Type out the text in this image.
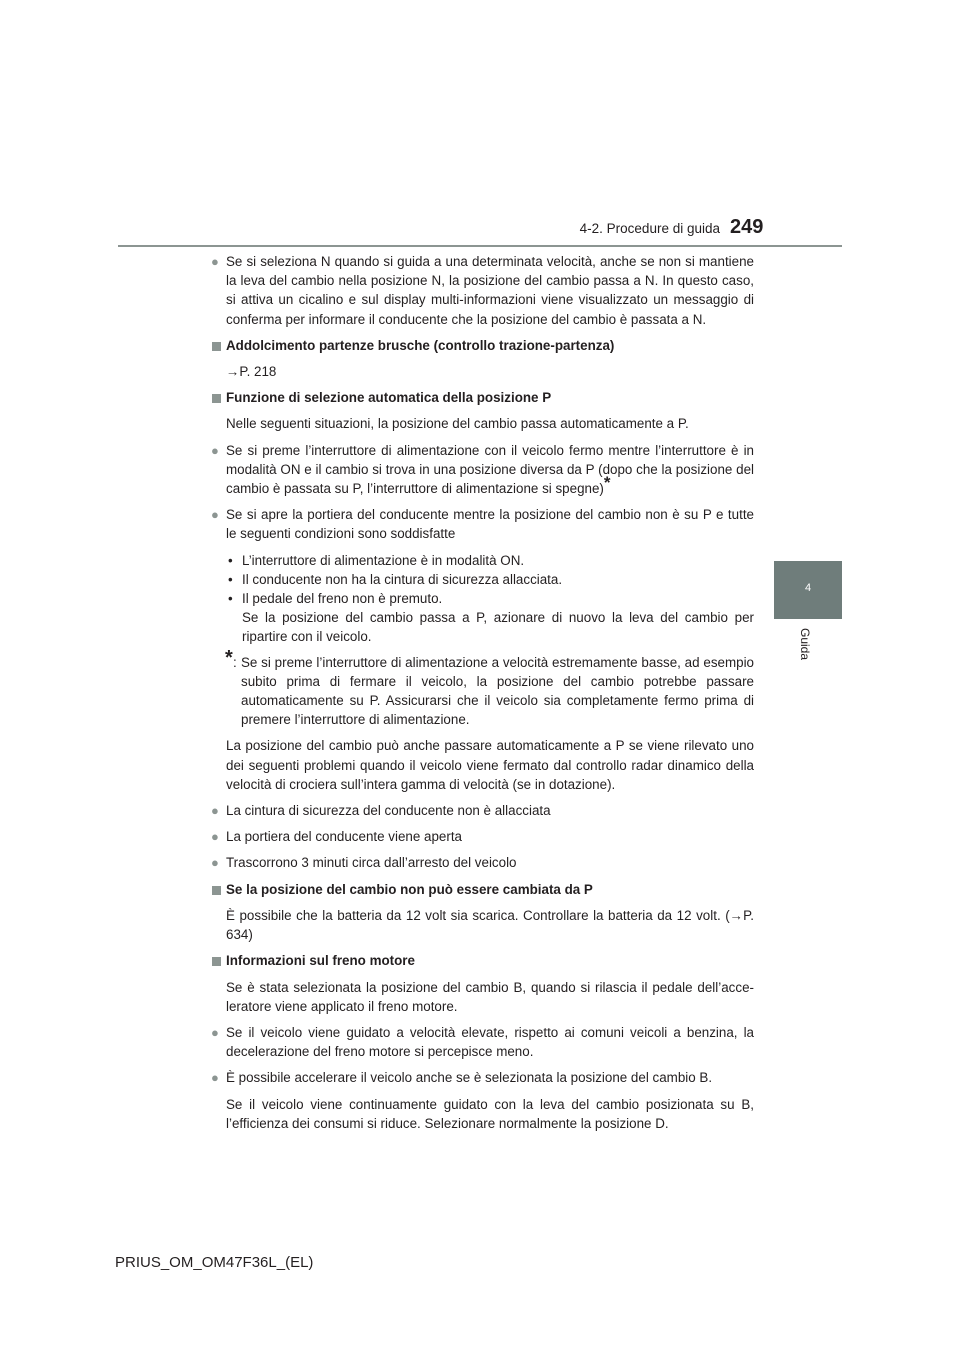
4-2. Procedure di guida 249
4
Guida
● Se si seleziona N quando si guida a una determinata velocità, anche se non si mantiene la leva del cambio nella posizione N, la posizione del cambio passa a N. In questo caso, si attiva un cicalino e sul display multi-informazioni viene visualizzato un messaggio di conferma per informare il conducente che la posizione del cambio è passata a N.
Addolcimento partenze brusche (controllo trazione-partenza)
→P. 218
Funzione di selezione automatica della posizione P
Nelle seguenti situazioni, la posizione del cambio passa automaticamente a P.
● Se si preme l’interruttore di alimentazione con il veicolo fermo mentre l’interruttore è in modalità ON e il cambio si trova in una posizione diversa da P (dopo che la posizione del cambio è passata su P, l’interruttore di alimentazione si spegne)*
● Se si apre la portiera del conducente mentre la posizione del cambio non è su P e tutte le seguenti condizioni sono soddisfatte
• L’interruttore di alimentazione è in modalità ON.
• Il conducente non ha la cintura di sicurezza allacciata.
• Il pedale del freno non è premuto.
Se la posizione del cambio passa a P, azionare di nuovo la leva del cambio per ripartire con il veicolo.
* : Se si preme l’interruttore di alimentazione a velocità estremamente basse, ad esempio subito prima di fermare il veicolo, la posizione del cambio potrebbe passare automaticamente su P. Assicurarsi che il veicolo sia completamente fermo prima di premere l’interruttore di alimentazione.
La posizione del cambio può anche passare automaticamente a P se viene rilevato uno dei seguenti problemi quando il veicolo viene fermato dal controllo radar dinamico della velocità di crociera sull’intera gamma di velocità (se in dotazione).
● La cintura di sicurezza del conducente non è allacciata
● La portiera del conducente viene aperta
● Trascorrono 3 minuti circa dall’arresto del veicolo
Se la posizione del cambio non può essere cambiata da P
È possibile che la batteria da 12 volt sia scarica. Controllare la batteria da 12 volt. (→P. 634)
Informazioni sul freno motore
Se è stata selezionata la posizione del cambio B, quando si rilascia il pedale dell’acceleratore viene applicato il freno motore.
● Se il veicolo viene guidato a velocità elevate, rispetto ai comuni veicoli a benzina, la decelerazione del freno motore si percepisce meno.
● È possibile accelerare il veicolo anche se è selezionata la posizione del cambio B.
Se il veicolo viene continuamente guidato con la leva del cambio posizionata su B, l’efficienza dei consumi si riduce. Selezionare normalmente la posizione D.
PRIUS_OM_OM47F36L_(EL)
